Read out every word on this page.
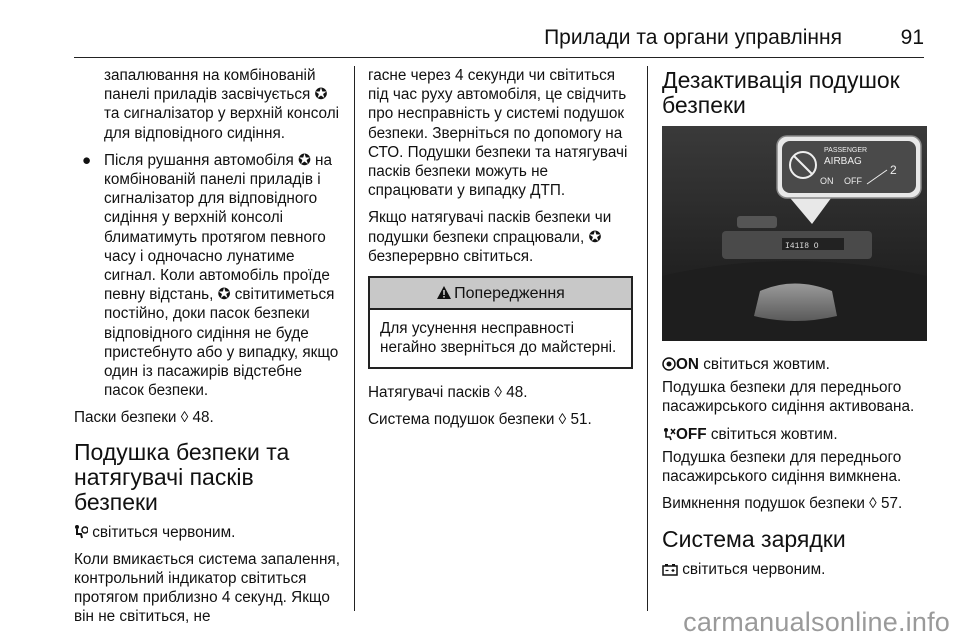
Прилади та органи управління	91

запалювання на комбінованій панелі приладів засвічується ✪ та сигналізатор у верхній консолі для відповідного сидіння.

● Після рушання автомобіля ✪ на комбінованій панелі приладів і сигналізатор для відповідного сидіння у верхній консолі блиматимуть протягом певного часу і одночасно лунатиме сигнал. Коли автомобіль проїде певну відстань, ✪ світитиметься постійно, доки пасок безпеки відповідного сидіння не буде пристебнуто або у випадку, якщо один із пасажирів відстебне пасок безпеки.

Паски безпеки ◊ 48.

Подушка безпеки та натягувачі пасків безпеки

світиться червоним.

Коли вмикається система запалення, контрольний індикатор світиться протягом приблизно 4 секунд. Якщо він не світиться, не

гасне через 4 секунди чи світиться під час руху автомобіля, це свідчить про несправність у системі подушок безпеки. Зверніться по допомогу на СТО. Подушки безпеки та натягувачі пасків безпеки можуть не спрацювати у випадку ДТП.

Якщо натягувачі пасків безпеки чи подушки безпеки спрацювали, ✪ безперервно світиться.

Попередження
Для усунення несправності негайно зверніться до майстерні.

Натягувачі пасків ◊ 48.

Система подушок безпеки ◊ 51.

Дезактивація подушок безпеки
I41I8 O
PASSENGER
AIRBAG
ON OFF
2

ON світиться жовтим.

Подушка безпеки для переднього пасажирського сидіння активована.

OFF світиться жовтим.

Подушка безпеки для переднього пасажирського сидіння вимкнена.

Вимкнення подушок безпеки ◊ 57.

Система зарядки

світиться червоним.

carmanualsonline.info
